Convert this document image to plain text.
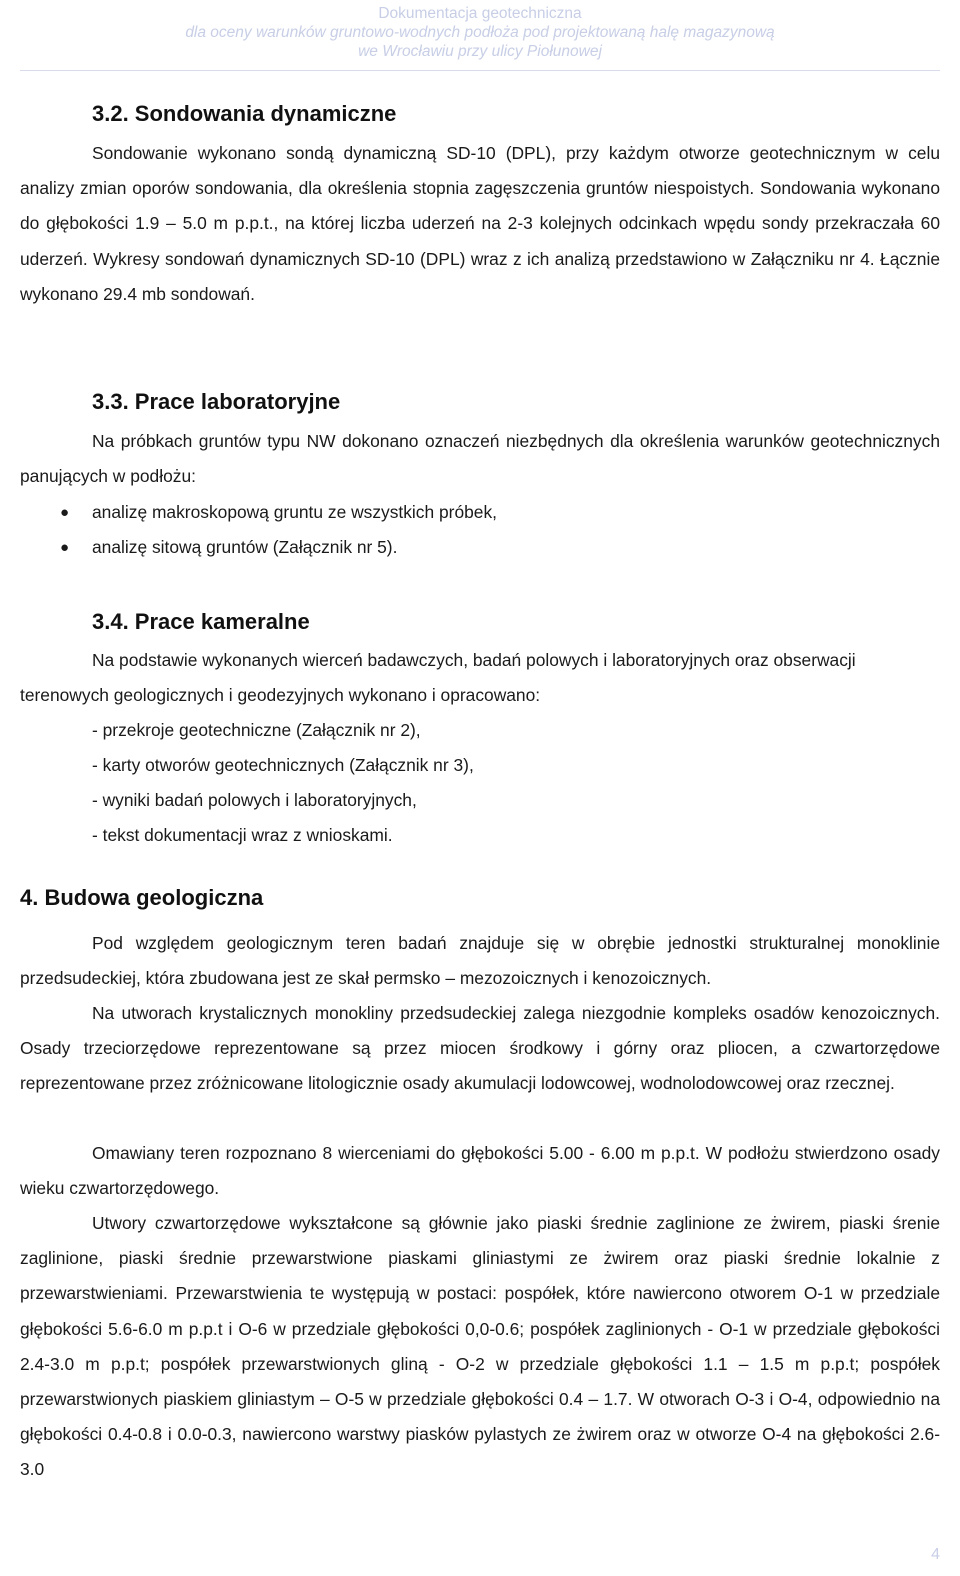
Dokumentacja geotechniczna
dla oceny warunków gruntowo-wodnych podłoża pod projektowaną halę magazynową
we Wrocławiu przy ulicy Piołunowej
3.2. Sondowania dynamiczne

Sondowanie wykonano sondą dynamiczną SD-10 (DPL), przy każdym otworze geotechnicznym w celu analizy zmian oporów sondowania, dla określenia stopnia zagęszczenia gruntów niespoistych. Sondowania wykonano do głębokości 1.9 – 5.0 m p.p.t., na której liczba uderzeń na 2-3 kolejnych odcinkach wpędu sondy przekraczała 60 uderzeń. Wykresy sondowań dynamicznych SD-10 (DPL) wraz z ich analizą przedstawiono w Załączniku nr 4. Łącznie wykonano 29.4 mb sondowań.

3.3. Prace laboratoryjne

Na próbkach gruntów typu NW dokonano oznaczeń niezbędnych dla określenia warunków geotechnicznych panujących w podłożu:

● analizę makroskopową gruntu ze wszystkich próbek,
● analizę sitową gruntów (Załącznik nr 5).
3.4. Prace kameralne

Na podstawie wykonanych wierceń badawczych, badań polowych i laboratoryjnych oraz obserwacji terenowych geologicznych i geodezyjnych wykonano i opracowano:

- przekroje geotechniczne (Załącznik nr 2),
- karty otworów geotechnicznych (Załącznik nr 3),
- wyniki badań polowych i laboratoryjnych,
- tekst dokumentacji wraz z wnioskami.
4. Budowa geologiczna

Pod względem geologicznym teren badań znajduje się w obrębie jednostki strukturalnej monoklinie przedsudeckiej, która zbudowana jest ze skał permsko – mezozoicznych i kenozoicznych.

Na utworach krystalicznych monokliny przedsudeckiej zalega niezgodnie kompleks osadów kenozoicznych. Osady trzeciorzędowe reprezentowane są przez miocen środkowy i górny oraz pliocen, a czwartorzędowe reprezentowane przez zróżnicowane litologicznie osady akumulacji lodowcowej, wodnolodowcowej oraz rzecznej.

Omawiany teren rozpoznano 8 wierceniami do głębokości 5.00 - 6.00 m p.p.t. W podłożu stwierdzono osady wieku czwartorzędowego.

Utwory czwartorzędowe wykształcone są głównie jako piaski średnie zaglinione ze żwirem, piaski śrenie zaglinione, piaski średnie przewarstwione piaskami gliniastymi ze żwirem oraz piaski średnie lokalnie z przewarstwieniami. Przewarstwienia te występują w postaci: pospółek, które nawiercono otworem O-1 w przedziale głębokości 5.6-6.0 m p.p.t i O-6 w przedziale głębokości 0,0-0.6; pospółek zaglinionych - O-1 w przedziale głębokości 2.4-3.0 m p.p.t; pospółek przewarstwionych gliną - O-2 w przedziale głębokości 1.1 – 1.5 m p.p.t; pospółek przewarstwionych piaskiem gliniastym – O-5 w przedziale głębokości 0.4 – 1.7. W otworach O-3 i O-4, odpowiednio na głębokości 0.4-0.8 i 0.0-0.3, nawiercono warstwy piasków pylastych ze żwirem oraz w otworze O-4 na głębokości 2.6-3.0

4
